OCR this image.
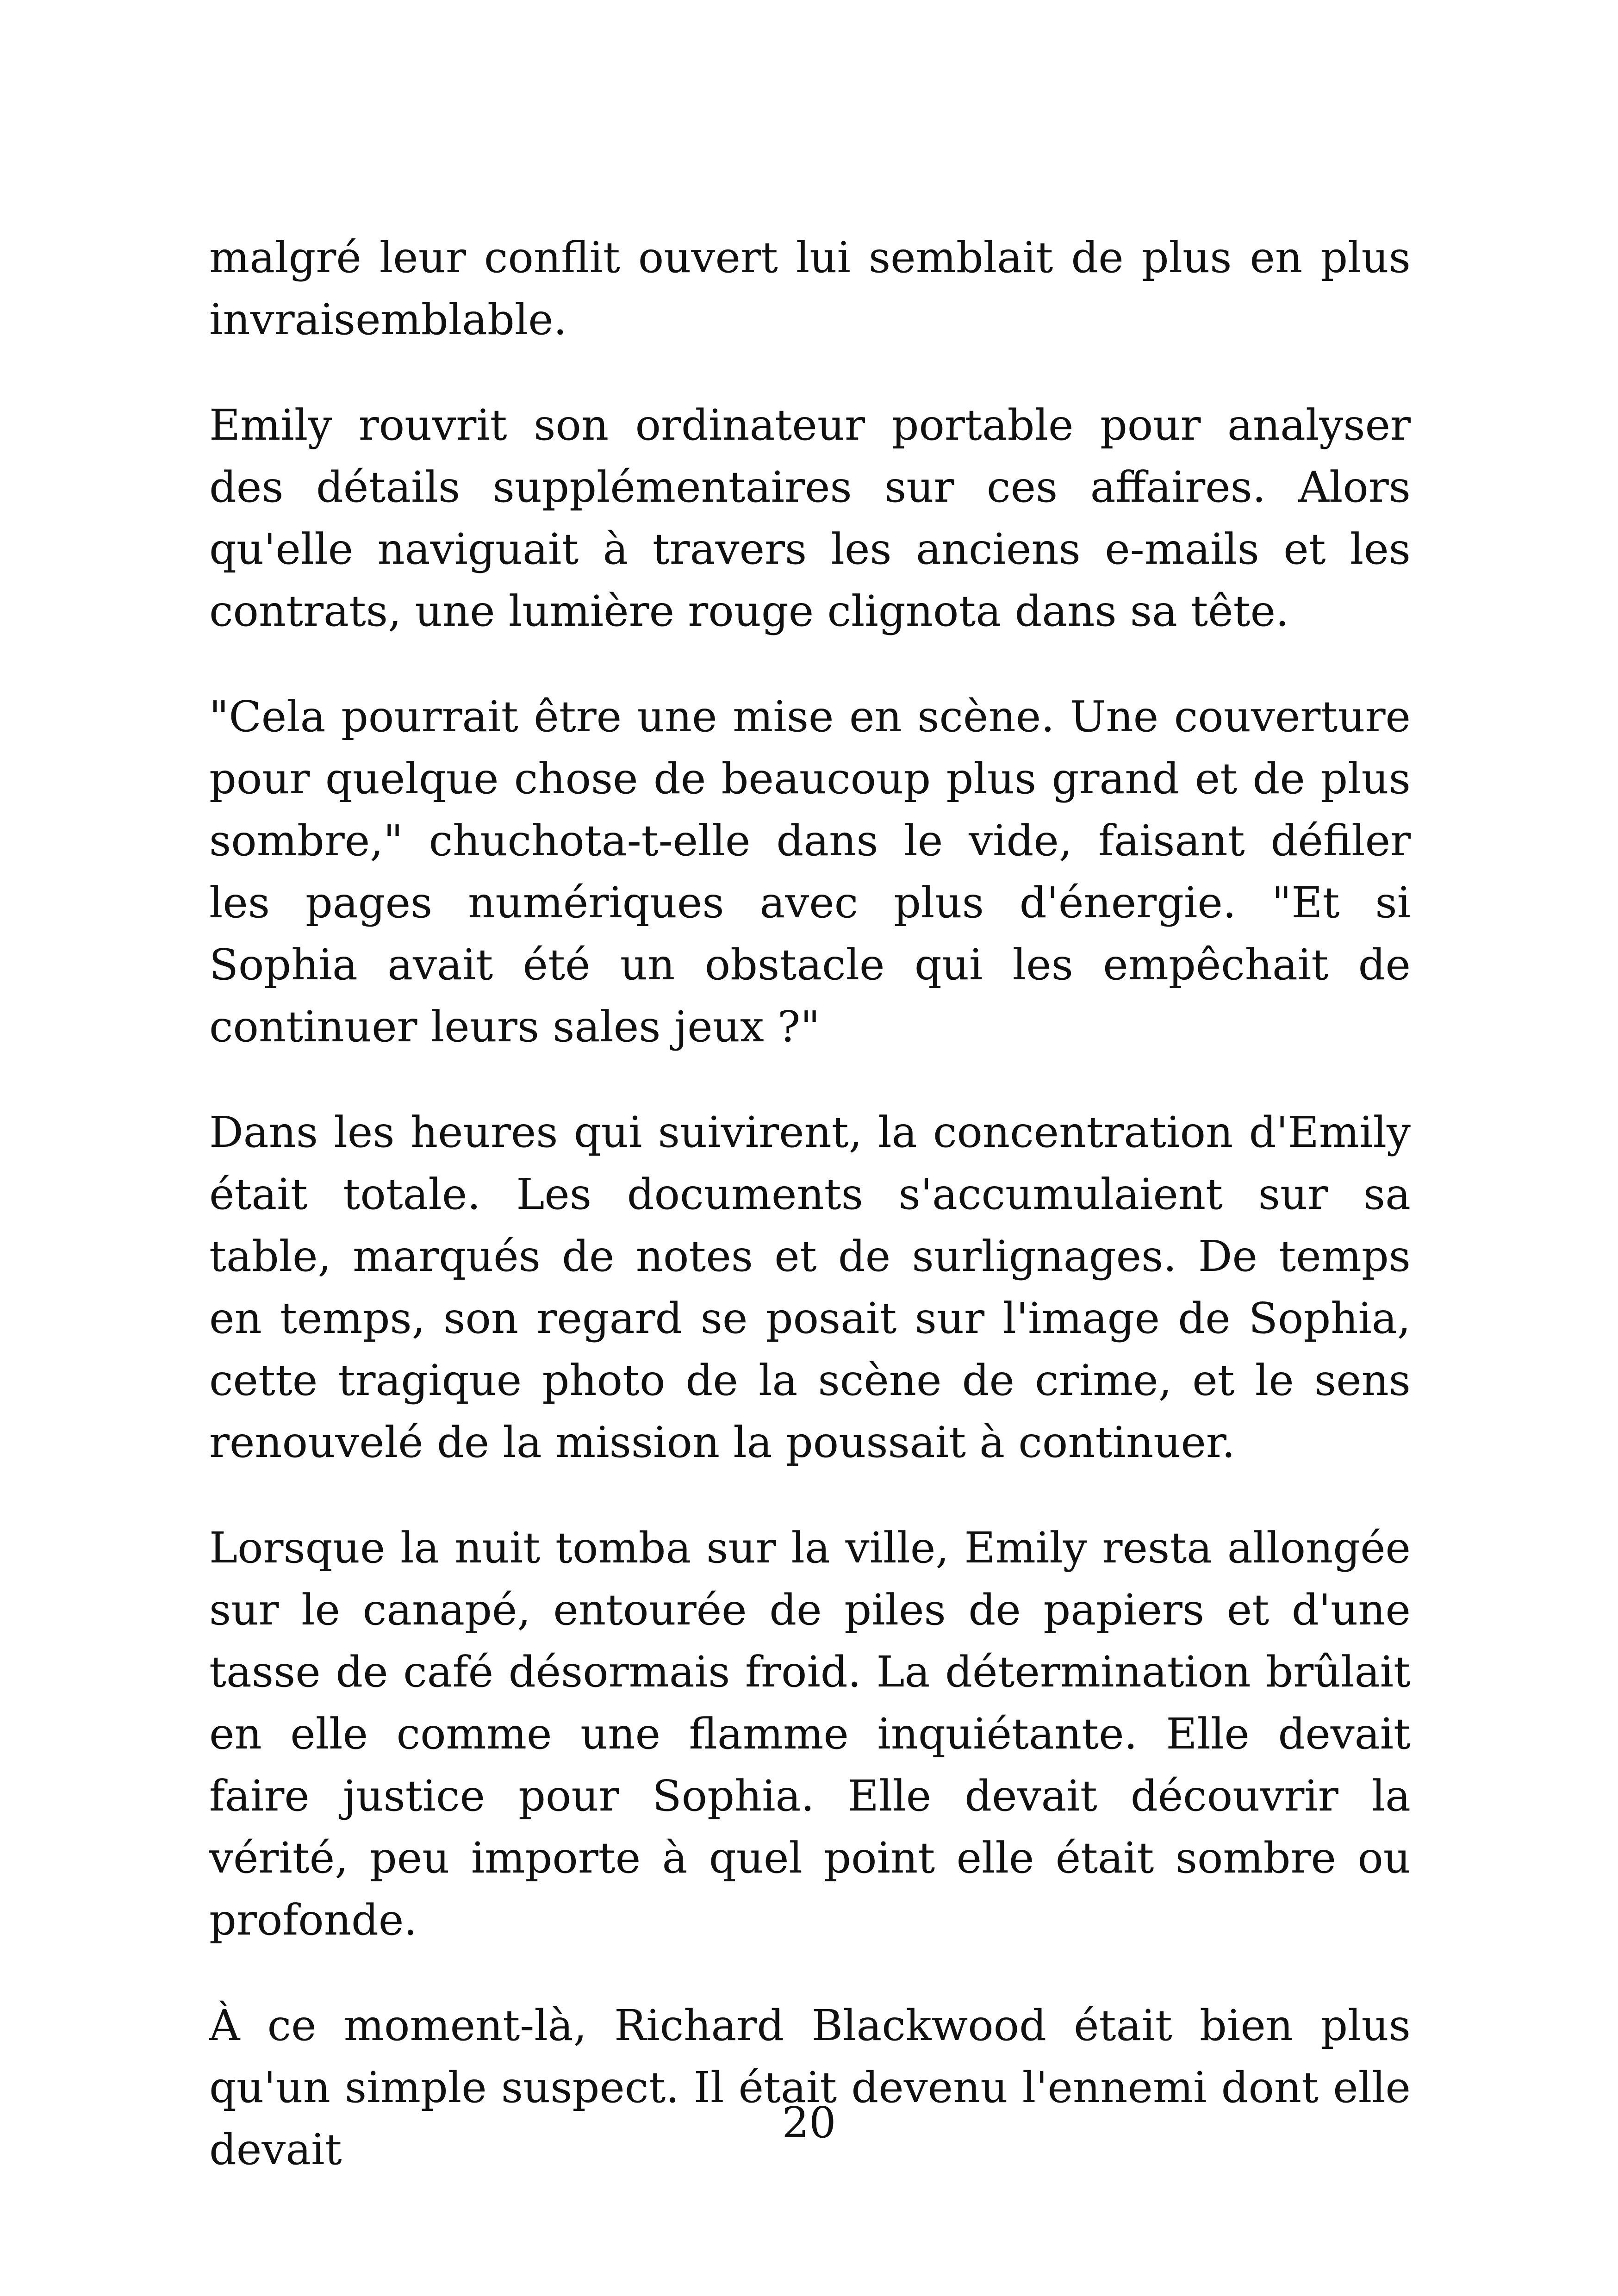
malgré leur conflit ouvert lui semblait de plus en plus invraisemblable.

Emily rouvrit son ordinateur portable pour analyser des détails supplémentaires sur ces affaires. Alors qu'elle naviguait à travers les anciens e-mails et les contrats, une lumière rouge clignota dans sa tête.

"Cela pourrait être une mise en scène. Une couverture pour quelque chose de beaucoup plus grand et de plus sombre," chuchota-t-elle dans le vide, faisant défiler les pages numériques avec plus d'énergie. "Et si Sophia avait été un obstacle qui les empêchait de continuer leurs sales jeux ?"

Dans les heures qui suivirent, la concentration d'Emily était totale. Les documents s'accumulaient sur sa table, marqués de notes et de surlignages. De temps en temps, son regard se posait sur l'image de Sophia, cette tragique photo de la scène de crime, et le sens renouvelé de la mission la poussait à continuer.

Lorsque la nuit tomba sur la ville, Emily resta allongée sur le canapé, entourée de piles de papiers et d'une tasse de café désormais froid. La détermination brûlait en elle comme une flamme inquiétante. Elle devait faire justice pour Sophia. Elle devait découvrir la vérité, peu importe à quel point elle était sombre ou profonde.

À ce moment-là, Richard Blackwood était bien plus qu'un simple suspect. Il était devenu l'ennemi dont elle devait

20
